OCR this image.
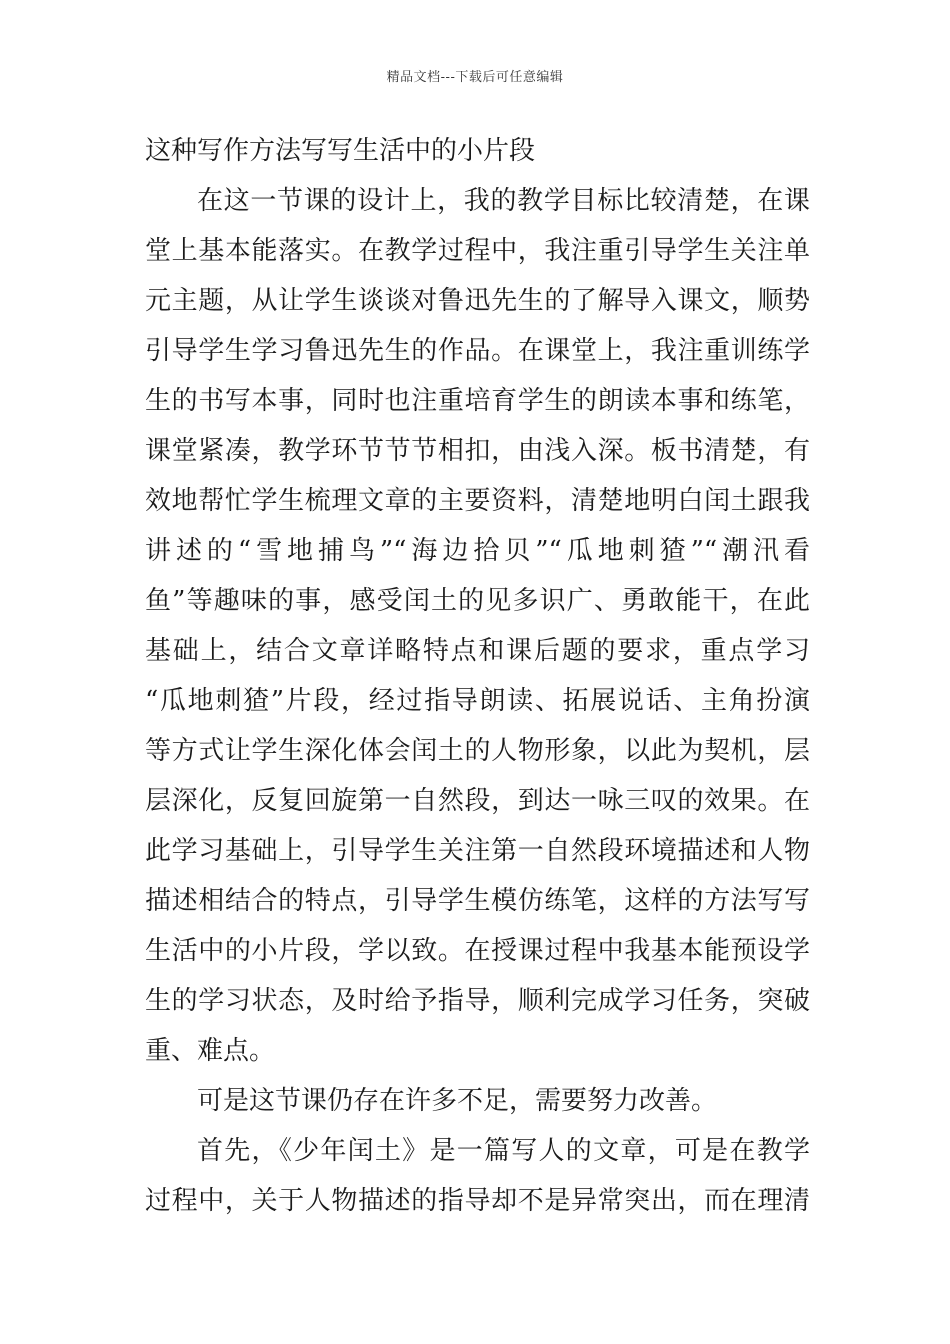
精品文档---下载后可任意编辑
这种写作方法写写生活中的小片段
在这一节课的设计上，我的教学目标比较清楚，在课
堂上基本能落实。在教学过程中，我注重引导学生关注单
元主题，从让学生谈谈对鲁迅先生的了解导入课文，顺势
引导学生学习鲁迅先生的作品。在课堂上，我注重训练学
生的书写本事，同时也注重培育学生的朗读本事和练笔，
课堂紧凑，教学环节节节相扣，由浅入深。板书清楚，有
效地帮忙学生梳理文章的主要资料，清楚地明白闰土跟我
讲述的“雪地捕鸟”“海边拾贝”“瓜地刺猹”“潮汛看
鱼”等趣味的事，感受闰土的见多识广、勇敢能干，在此
基础上，结合文章详略特点和课后题的要求，重点学习
“瓜地刺猹”片段，经过指导朗读、拓展说话、主角扮演
等方式让学生深化体会闰土的人物形象，以此为契机，层
层深化，反复回旋第一自然段，到达一咏三叹的效果。在
此学习基础上，引导学生关注第一自然段环境描述和人物
描述相结合的特点，引导学生模仿练笔，这样的方法写写
生活中的小片段，学以致。在授课过程中我基本能预设学
生的学习状态，及时给予指导，顺利完成学习任务，突破
重、难点。
可是这节课仍存在许多不足，需要努力改善。
首先，《少年闰土》是一篇写人的文章，可是在教学
过程中，关于人物描述的指导却不是异常突出，而在理清
